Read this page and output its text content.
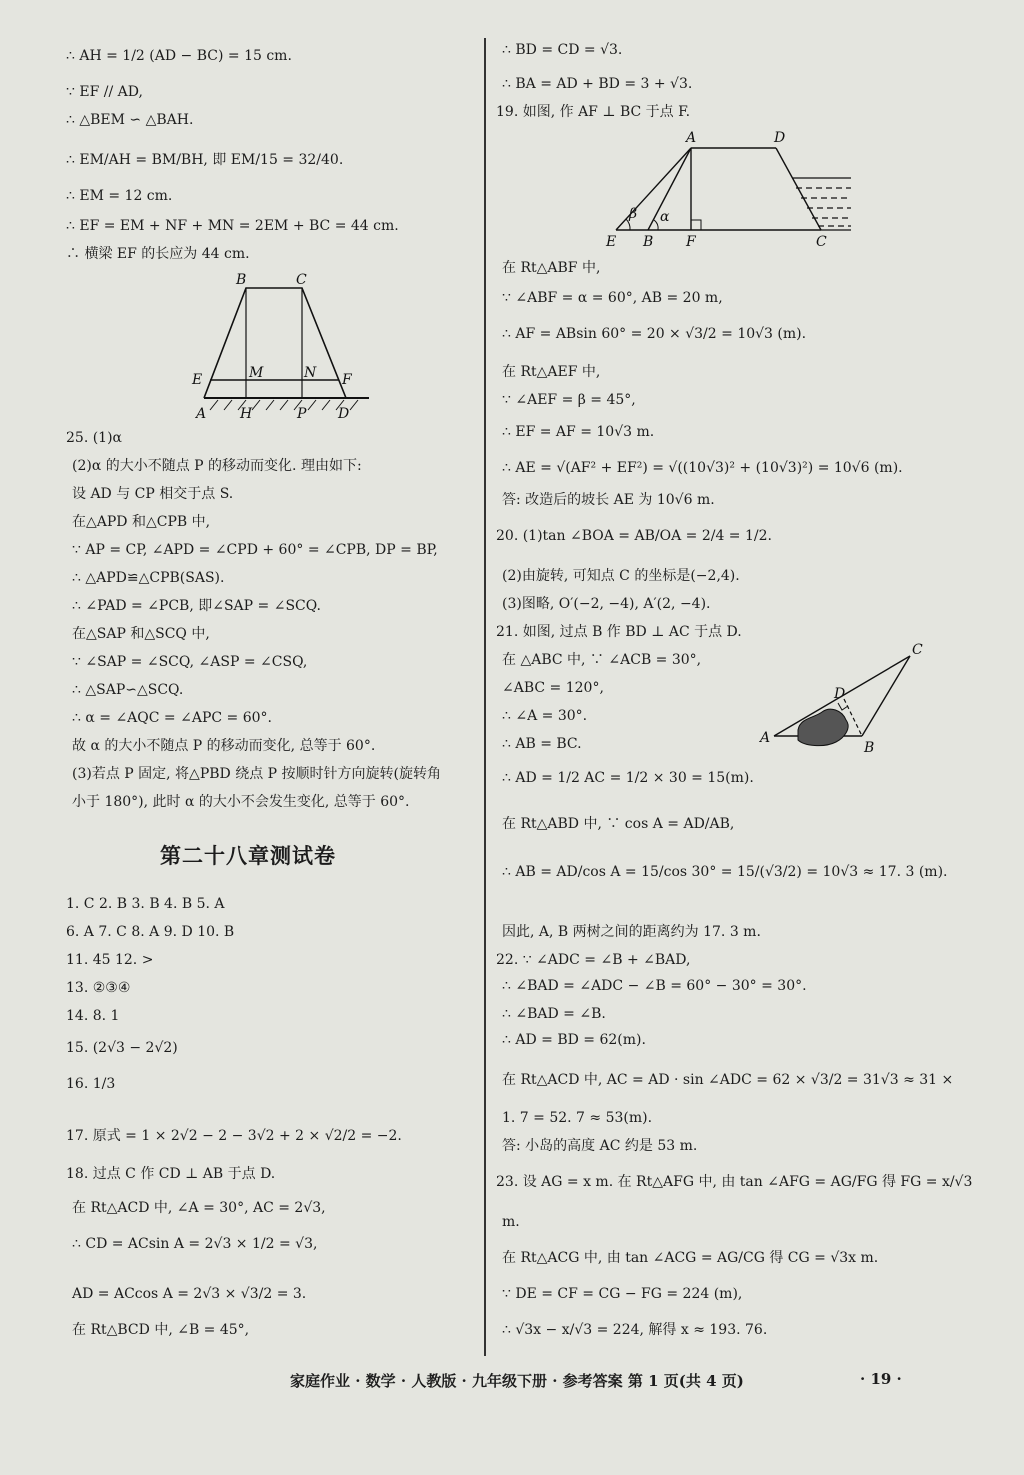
∴ AH = 1/2 (AD − BC) = 15 cm.
∵ EF // AD,
∴ △BEM ∽ △BAH.
∴ EM/AH = BM/BH, 即 EM/15 = 32/40.
∴ EM = 12 cm.
∴ EF = EM + NF + MN = 2EM + BC = 44 cm.
∴ 横梁 EF 的长应为 44 cm.
B	C
E	M	N F
A H	P D
25. (1)α
(2)α 的大小不随点 P 的移动而变化. 理由如下:
设 AD 与 CP 相交于点 S.
在△APD 和△CPB 中,
∵ AP = CP, ∠APD = ∠CPD + 60° = ∠CPB, DP = BP,
∴ △APD≌△CPB(SAS).
∴ ∠PAD = ∠PCB, 即∠SAP = ∠SCQ.
在△SAP 和△SCQ 中,
∵ ∠SAP = ∠SCQ, ∠ASP = ∠CSQ,
∴ △SAP∽△SCQ.
∴ α = ∠AQC = ∠APC = 60°.
故 α 的大小不随点 P 的移动而变化, 总等于 60°.
(3)若点 P 固定, 将△PBD 绕点 P 按顺时针方向旋转(旋转角
小于 180°), 此时 α 的大小不会发生变化, 总等于 60°.
1. C 2. B 3. B 4. B 5. A
6. A 7. C 8. A 9. D 10. B
11. 45 12. >
13. ②③④
14. 8. 1
15. (2√3 − 2√2)
16. 1/3
17. 原式 = 1 × 2√2 − 2 − 3√2 + 2 × √2/2 = −2.
18. 过点 C 作 CD ⊥ AB 于点 D.
在 Rt△ACD 中, ∠A = 30°, AC = 2√3,
∴ CD = ACsin A = 2√3 × 1/2 = √3,
AD = ACcos A = 2√3 × √3/2 = 3.
在 Rt△BCD 中, ∠B = 45°,
第二十八章测试卷
∴ BD = CD = √3.
∴ BA = AD + BD = 3 + √3.
19. 如图, 作 AF ⊥ BC 于点 F.
A	D
β α
E B F	C
在 Rt△ABF 中,
∵ ∠ABF = α = 60°, AB = 20 m,
∴ AF = ABsin 60° = 20 × √3/2 = 10√3 (m).
在 Rt△AEF 中,
∵ ∠AEF = β = 45°,
∴ EF = AF = 10√3 m.
∴ AE = √(AF² + EF²) = √((10√3)² + (10√3)²) = 10√6 (m).
答: 改造后的坡长 AE 为 10√6 m.
20. (1)tan ∠BOA = AB/OA = 2/4 = 1/2.
(2)由旋转, 可知点 C 的坐标是(−2,4).
(3)图略, O′(−2, −4), A′(2, −4).
21. 如图, 过点 B 作 BD ⊥ AC 于点 D.
在 △ABC 中, ∵ ∠ACB = 30°,
∠ABC = 120°,
∴ ∠A = 30°.
∴ AB = BC.
∴ AD = 1/2 AC = 1/2 × 30 = 15(m).
C
D
A
B
在 Rt△ABD 中, ∵ cos A = AD/AB,
∴ AB = AD/cos A = 15/cos 30° = 15/(√3/2) = 10√3 ≈ 17. 3 (m).
因此, A, B 两树之间的距离约为 17. 3 m.
22. ∵ ∠ADC = ∠B + ∠BAD,
∴ ∠BAD = ∠ADC − ∠B = 60° − 30° = 30°.
∴ ∠BAD = ∠B.
∴ AD = BD = 62(m).
在 Rt△ACD 中, AC = AD · sin ∠ADC = 62 × √3/2 = 31√3 ≈ 31 ×
1. 7 = 52. 7 ≈ 53(m).
答: 小岛的高度 AC 约是 53 m.
23. 设 AG = x m. 在 Rt△AFG 中, 由 tan ∠AFG = AG/FG 得 FG = x/√3
m.
在 Rt△ACG 中, 由 tan ∠ACG = AG/CG 得 CG = √3x m.
∵ DE = CF = CG − FG = 224 (m),
∴ √3x − x/√3 = 224, 解得 x ≈ 193. 76.
家庭作业 · 数学 · 人教版 · 九年级下册 · 参考答案 第 1 页(共 4 页)	· 19 ·
